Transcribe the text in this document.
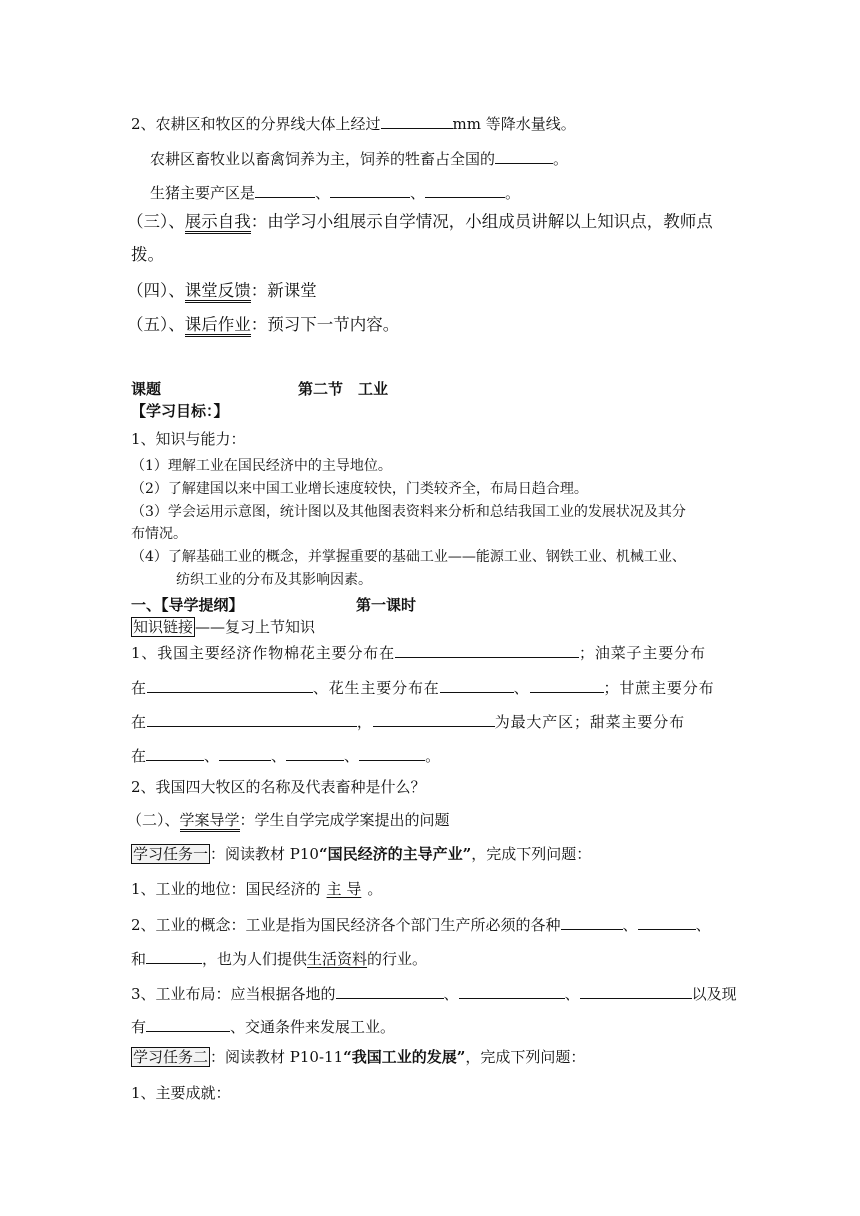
2、农耕区和牧区的分界线大体上经过	mm 等降水量线。
农耕区畜牧业以畜禽饲养为主，饲养的牲畜占全国的	。
生猪主要产区是	、	、	。
（三）、展示自我：由学习小组展示自学情况，小组成员讲解以上知识点，教师点
拨。
（四）、课堂反馈：新课堂
（五）、课后作业：预习下一节内容。
课题	第二节　工业
【学习目标：】
1、知识与能力：
（1）理解工业在国民经济中的主导地位。
（2）了解建国以来中国工业增长速度较快，门类较齐全，布局日趋合理。
（3）学会运用示意图，统计图以及其他图表资料来分析和总结我国工业的发展状况及其分
布情况。
（4）了解基础工业的概念，并掌握重要的基础工业——能源工业、钢铁工业、机械工业、
纺织工业的分布及其影响因素。
一、【导学提纲】	第一课时
知识链接 ——复习上节知识
1、我国主要经济作物棉花主要分布在	；油菜子主要分布
在	、花生主要分布在	、	；甘蔗主要分布
在	，	为最大产区；甜菜主要分布
在	、	、	、	。
2、我国四大牧区的名称及代表畜种是什么？
（二）、学案导学：学生自学完成学案提出的问题
学习任务一 ：阅读教材 P10“国民经济的主导产业”，完成下列问题：
1、工业的地位：国民经济的 主 导 。
2、工业的概念：工业是指为国民经济各个部门生产所必须的各种	、	、
和	，也为人们提供生活资料的行业。
3、工业布局：应当根据各地的	、	、	以及现
有	、交通条件来发展工业。
学习任务二 ：阅读教材 P10-11“我国工业的发展”，完成下列问题：
1、主要成就：
